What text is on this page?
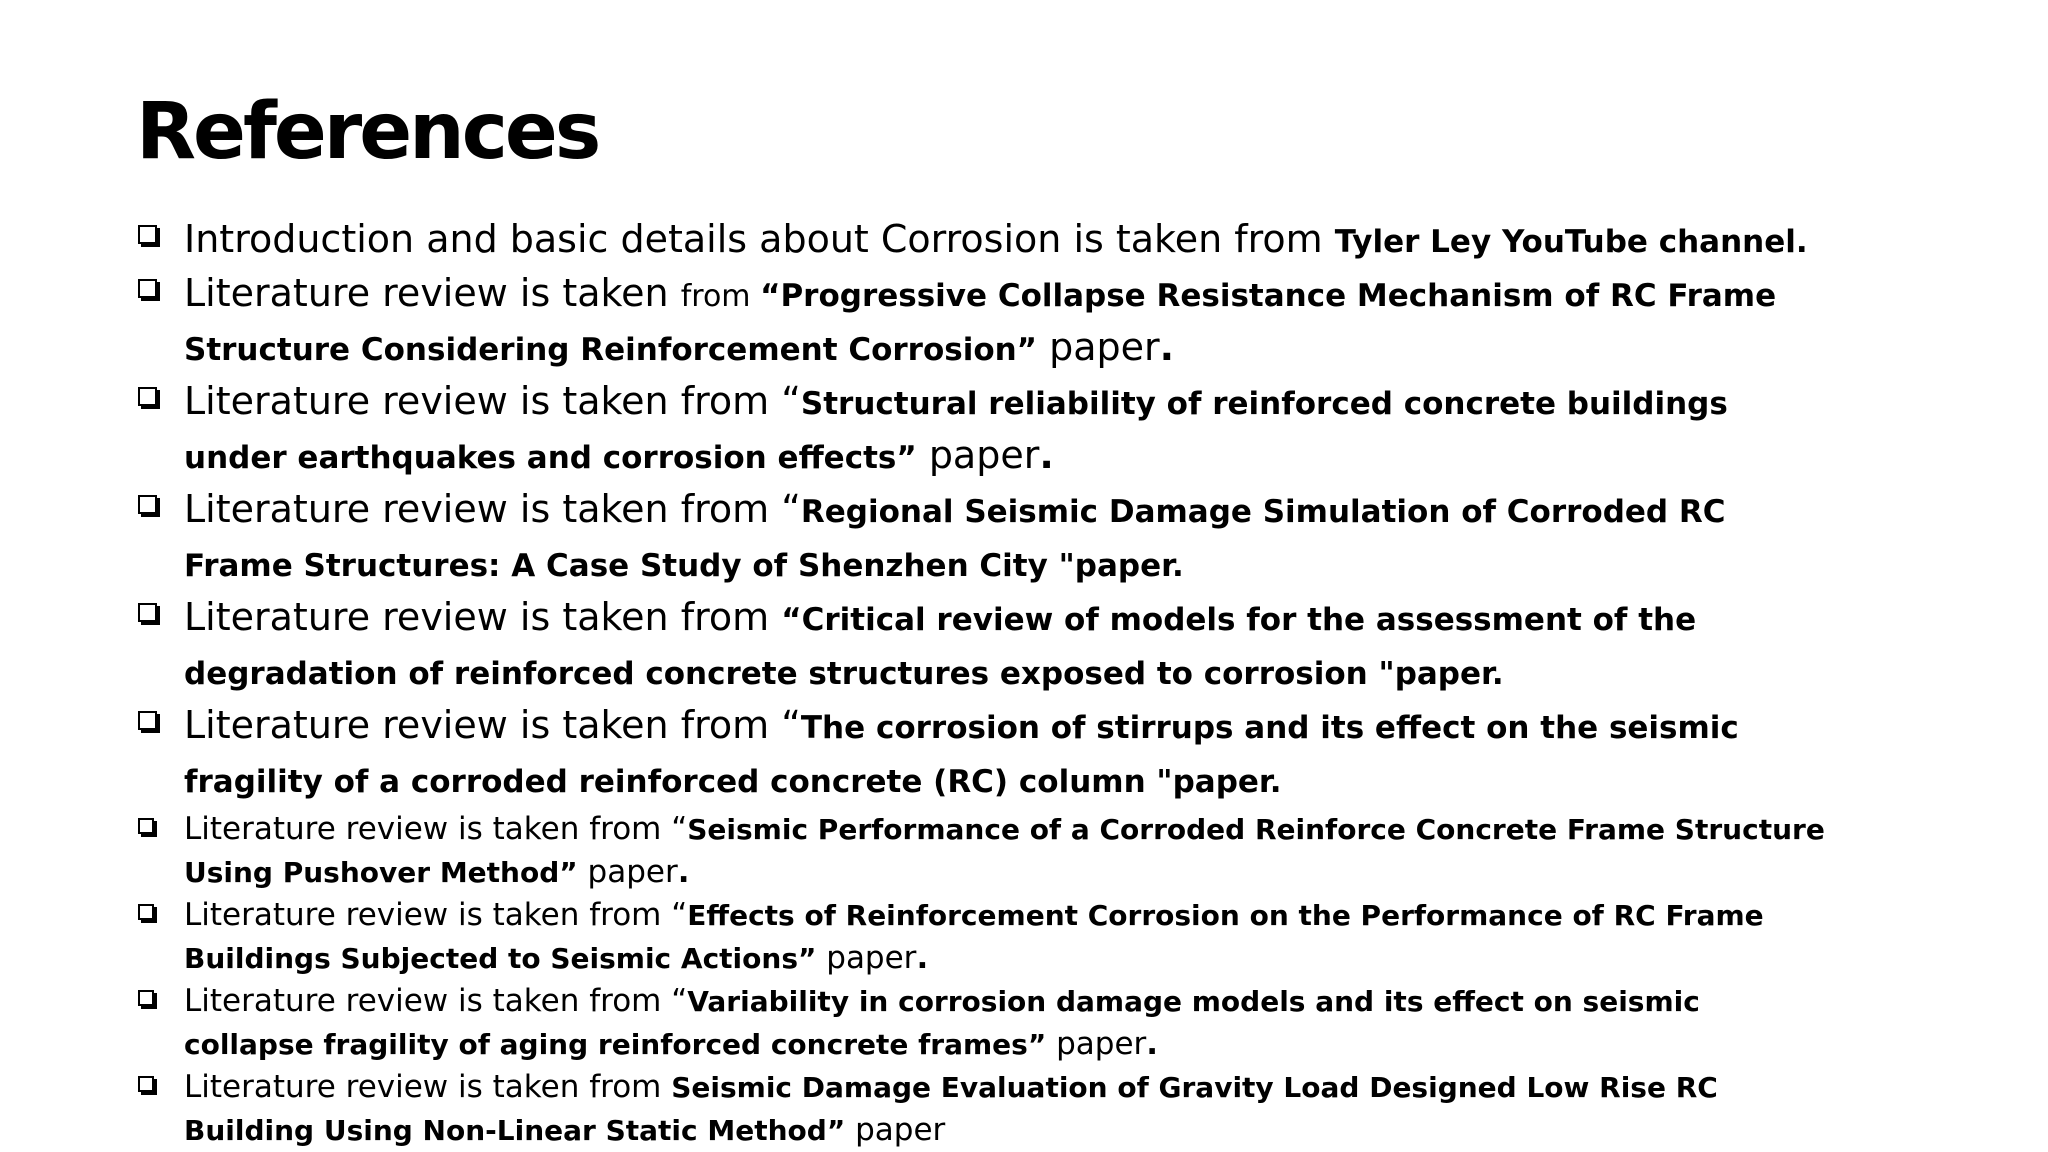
References
Introduction and basic details about Corrosion is taken from Tyler Ley YouTube channel.
Literature review is taken from “Progressive Collapse Resistance Mechanism of RC Frame Structure Considering Reinforcement Corrosion” paper.
Literature review is taken from “Structural reliability of reinforced concrete buildings under earthquakes and corrosion effects” paper.
Literature review is taken from “Regional Seismic Damage Simulation of Corroded RC Frame Structures: A Case Study of Shenzhen City "paper.
Literature review is taken from “Critical review of models for the assessment of the degradation of reinforced concrete structures exposed to corrosion "paper.
Literature review is taken from “The corrosion of stirrups and its effect on the seismic fragility of a corroded reinforced concrete (RC) column "paper.
Literature review is taken from “Seismic Performance of a Corroded Reinforce Concrete Frame Structure Using Pushover Method” paper.
Literature review is taken from “Effects of Reinforcement Corrosion on the Performance of RC Frame Buildings Subjected to Seismic Actions” paper.
Literature review is taken from “Variability in corrosion damage models and its effect on seismic collapse fragility of aging reinforced concrete frames” paper.
Literature review is taken from Seismic Damage Evaluation of Gravity Load Designed Low Rise RC Building Using Non-Linear Static Method” paper
